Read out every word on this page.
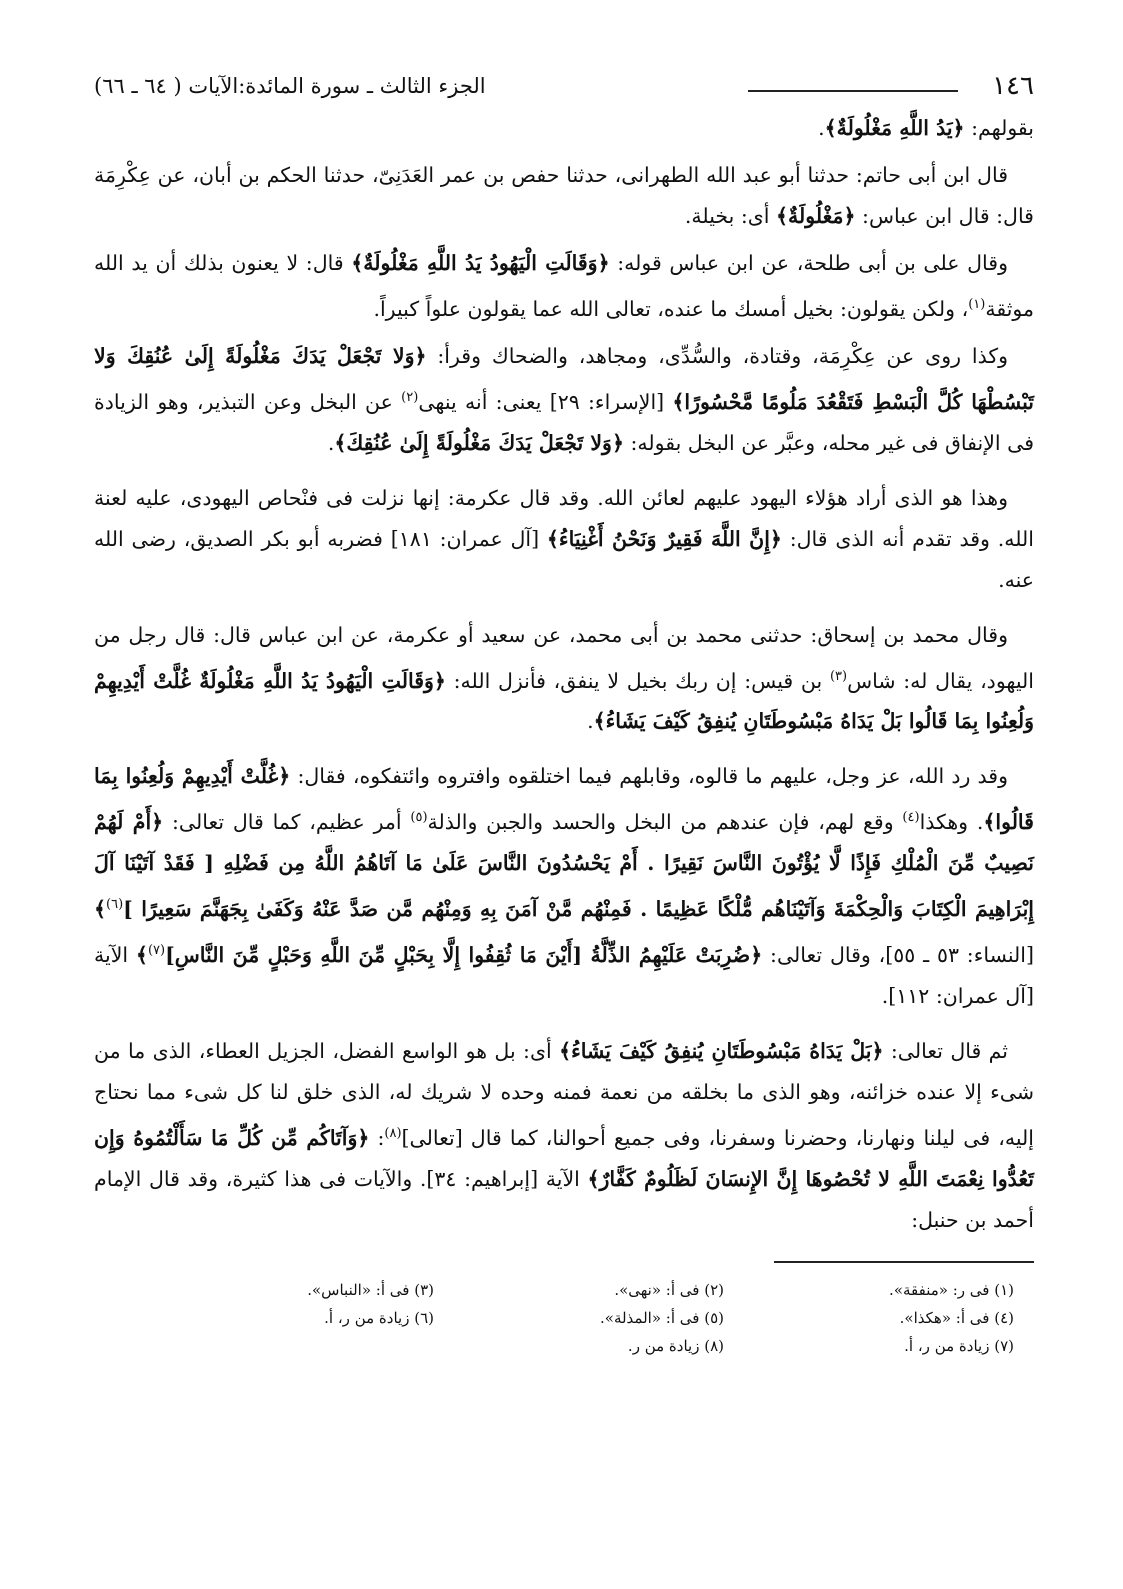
١٤٦
الجزء الثالث ـ سورة المائدة:الآيات ( ٦٤ ـ ٦٦)

بقولهم: ﴿يَدُ اللَّهِ مَغْلُولَةٌ﴾.

قال ابن أبى حاتم: حدثنا أبو عبد الله الطهرانى، حدثنا حفص بن عمر العَدَنِىّ، حدثنا الحكم بن أبان، عن عِكْرِمَة قال: قال ابن عباس: ﴿مَغْلُولَةٌ﴾ أى: بخيلة.

وقال على بن أبى طلحة، عن ابن عباس قوله: ﴿وَقَالَتِ الْيَهُودُ يَدُ اللَّهِ مَغْلُولَةٌ﴾ قال: لا يعنون بذلك أن يد الله موثقة$^{(١)}$، ولكن يقولون: بخيل أمسك ما عنده، تعالى الله عما يقولون علواً كبيراً.

وكذا روى عن عِكْرِمَة، وقتادة، والسُّدِّى، ومجاهد، والضحاك وقرأ: ﴿وَلا تَجْعَلْ يَدَكَ مَغْلُولَةً إِلَىٰ عُنُقِكَ وَلا تَبْسُطْهَا كُلَّ الْبَسْطِ فَتَقْعُدَ مَلُومًا مَّحْسُورًا﴾ [الإسراء: ٢٩] يعنى: أنه ينهى$^{(٢)}$ عن البخل وعن التبذير، وهو الزيادة فى الإنفاق فى غير محله، وعبَّر عن البخل بقوله: ﴿وَلا تَجْعَلْ يَدَكَ مَغْلُولَةً إِلَىٰ عُنُقِكَ﴾.

وهذا هو الذى أراد هؤلاء اليهود عليهم لعائن الله. وقد قال عكرمة: إنها نزلت فى فنْحاص اليهودى، عليه لعنة الله. وقد تقدم أنه الذى قال: ﴿إِنَّ اللَّهَ فَقِيرٌ وَنَحْنُ أَغْنِيَاءُ﴾ [آل عمران: ١٨١] فضربه أبو بكر الصديق، رضى الله عنه.

وقال محمد بن إسحاق: حدثنى محمد بن أبى محمد، عن سعيد أو عكرمة، عن ابن عباس قال: قال رجل من اليهود، يقال له: شاس$^{(٣)}$ بن قيس: إن ربك بخيل لا ينفق، فأنزل الله: ﴿وَقَالَتِ الْيَهُودُ يَدُ اللَّهِ مَغْلُولَةٌ غُلَّتْ أَيْدِيهِمْ وَلُعِنُوا بِمَا قَالُوا بَلْ يَدَاهُ مَبْسُوطَتَانِ يُنفِقُ كَيْفَ يَشَاءُ﴾.

وقد رد الله، عز وجل، عليهم ما قالوه، وقابلهم فيما اختلقوه وافتروه وائتفكوه، فقال: ﴿غُلَّتْ أَيْدِيهِمْ وَلُعِنُوا بِمَا قَالُوا﴾. وهكذا$^{(٤)}$ وقع لهم، فإن عندهم من البخل والحسد والجبن والذلة$^{(٥)}$ أمر عظيم، كما قال تعالى: ﴿أَمْ لَهُمْ نَصِيبٌ مِّنَ الْمُلْكِ فَإِذًا لَّا يُؤْتُونَ النَّاسَ نَقِيرًا . أَمْ يَحْسُدُونَ النَّاسَ عَلَىٰ مَا آتَاهُمُ اللَّهُ مِن فَضْلِهِ [ فَقَدْ آتَيْنَا آلَ إِبْرَاهِيمَ الْكِتَابَ وَالْحِكْمَةَ وَآتَيْنَاهُم مُّلْكًا عَظِيمًا . فَمِنْهُم مَّنْ آمَنَ بِهِ وَمِنْهُم مَّن صَدَّ عَنْهُ وَكَفَىٰ بِجَهَنَّمَ سَعِيرًا ]$^{(٦)}$﴾ [النساء: ٥٣ ـ ٥٥]، وقال تعالى: ﴿ضُرِبَتْ عَلَيْهِمُ الذِّلَّةُ [أَيْنَ مَا ثُقِفُوا إِلَّا بِحَبْلٍ مِّنَ اللَّهِ وَحَبْلٍ مِّنَ النَّاسِ]$^{(٧)}$﴾ الآية [آل عمران: ١١٢].

ثم قال تعالى: ﴿بَلْ يَدَاهُ مَبْسُوطَتَانِ يُنفِقُ كَيْفَ يَشَاءُ﴾ أى: بل هو الواسع الفضل، الجزيل العطاء، الذى ما من شىء إلا عنده خزائنه، وهو الذى ما بخلقه من نعمة فمنه وحده لا شريك له، الذى خلق لنا كل شىء مما نحتاج إليه، فى ليلنا ونهارنا، وحضرنا وسفرنا، وفى جميع أحوالنا، كما قال [تعالى]$^{(٨)}$: ﴿وَآتَاكُم مِّن كُلِّ مَا سَأَلْتُمُوهُ وَإِن تَعُدُّوا نِعْمَتَ اللَّهِ لا تُحْصُوهَا إِنَّ الإِنسَانَ لَظَلُومٌ كَفَّارٌ﴾ الآية [إبراهيم: ٣٤]. والآيات فى هذا كثيرة، وقد قال الإمام أحمد بن حنبل:

(١) فى ر: «منفقة».
(٢) فى أ: «نهى».
(٣) فى أ: «النباس».
(٤) فى أ: «هكذا».
(٥) فى أ: «المذلة».
(٦) زيادة من ر، أ.
(٧) زيادة من ر، أ.
(٨) زيادة من ر.
